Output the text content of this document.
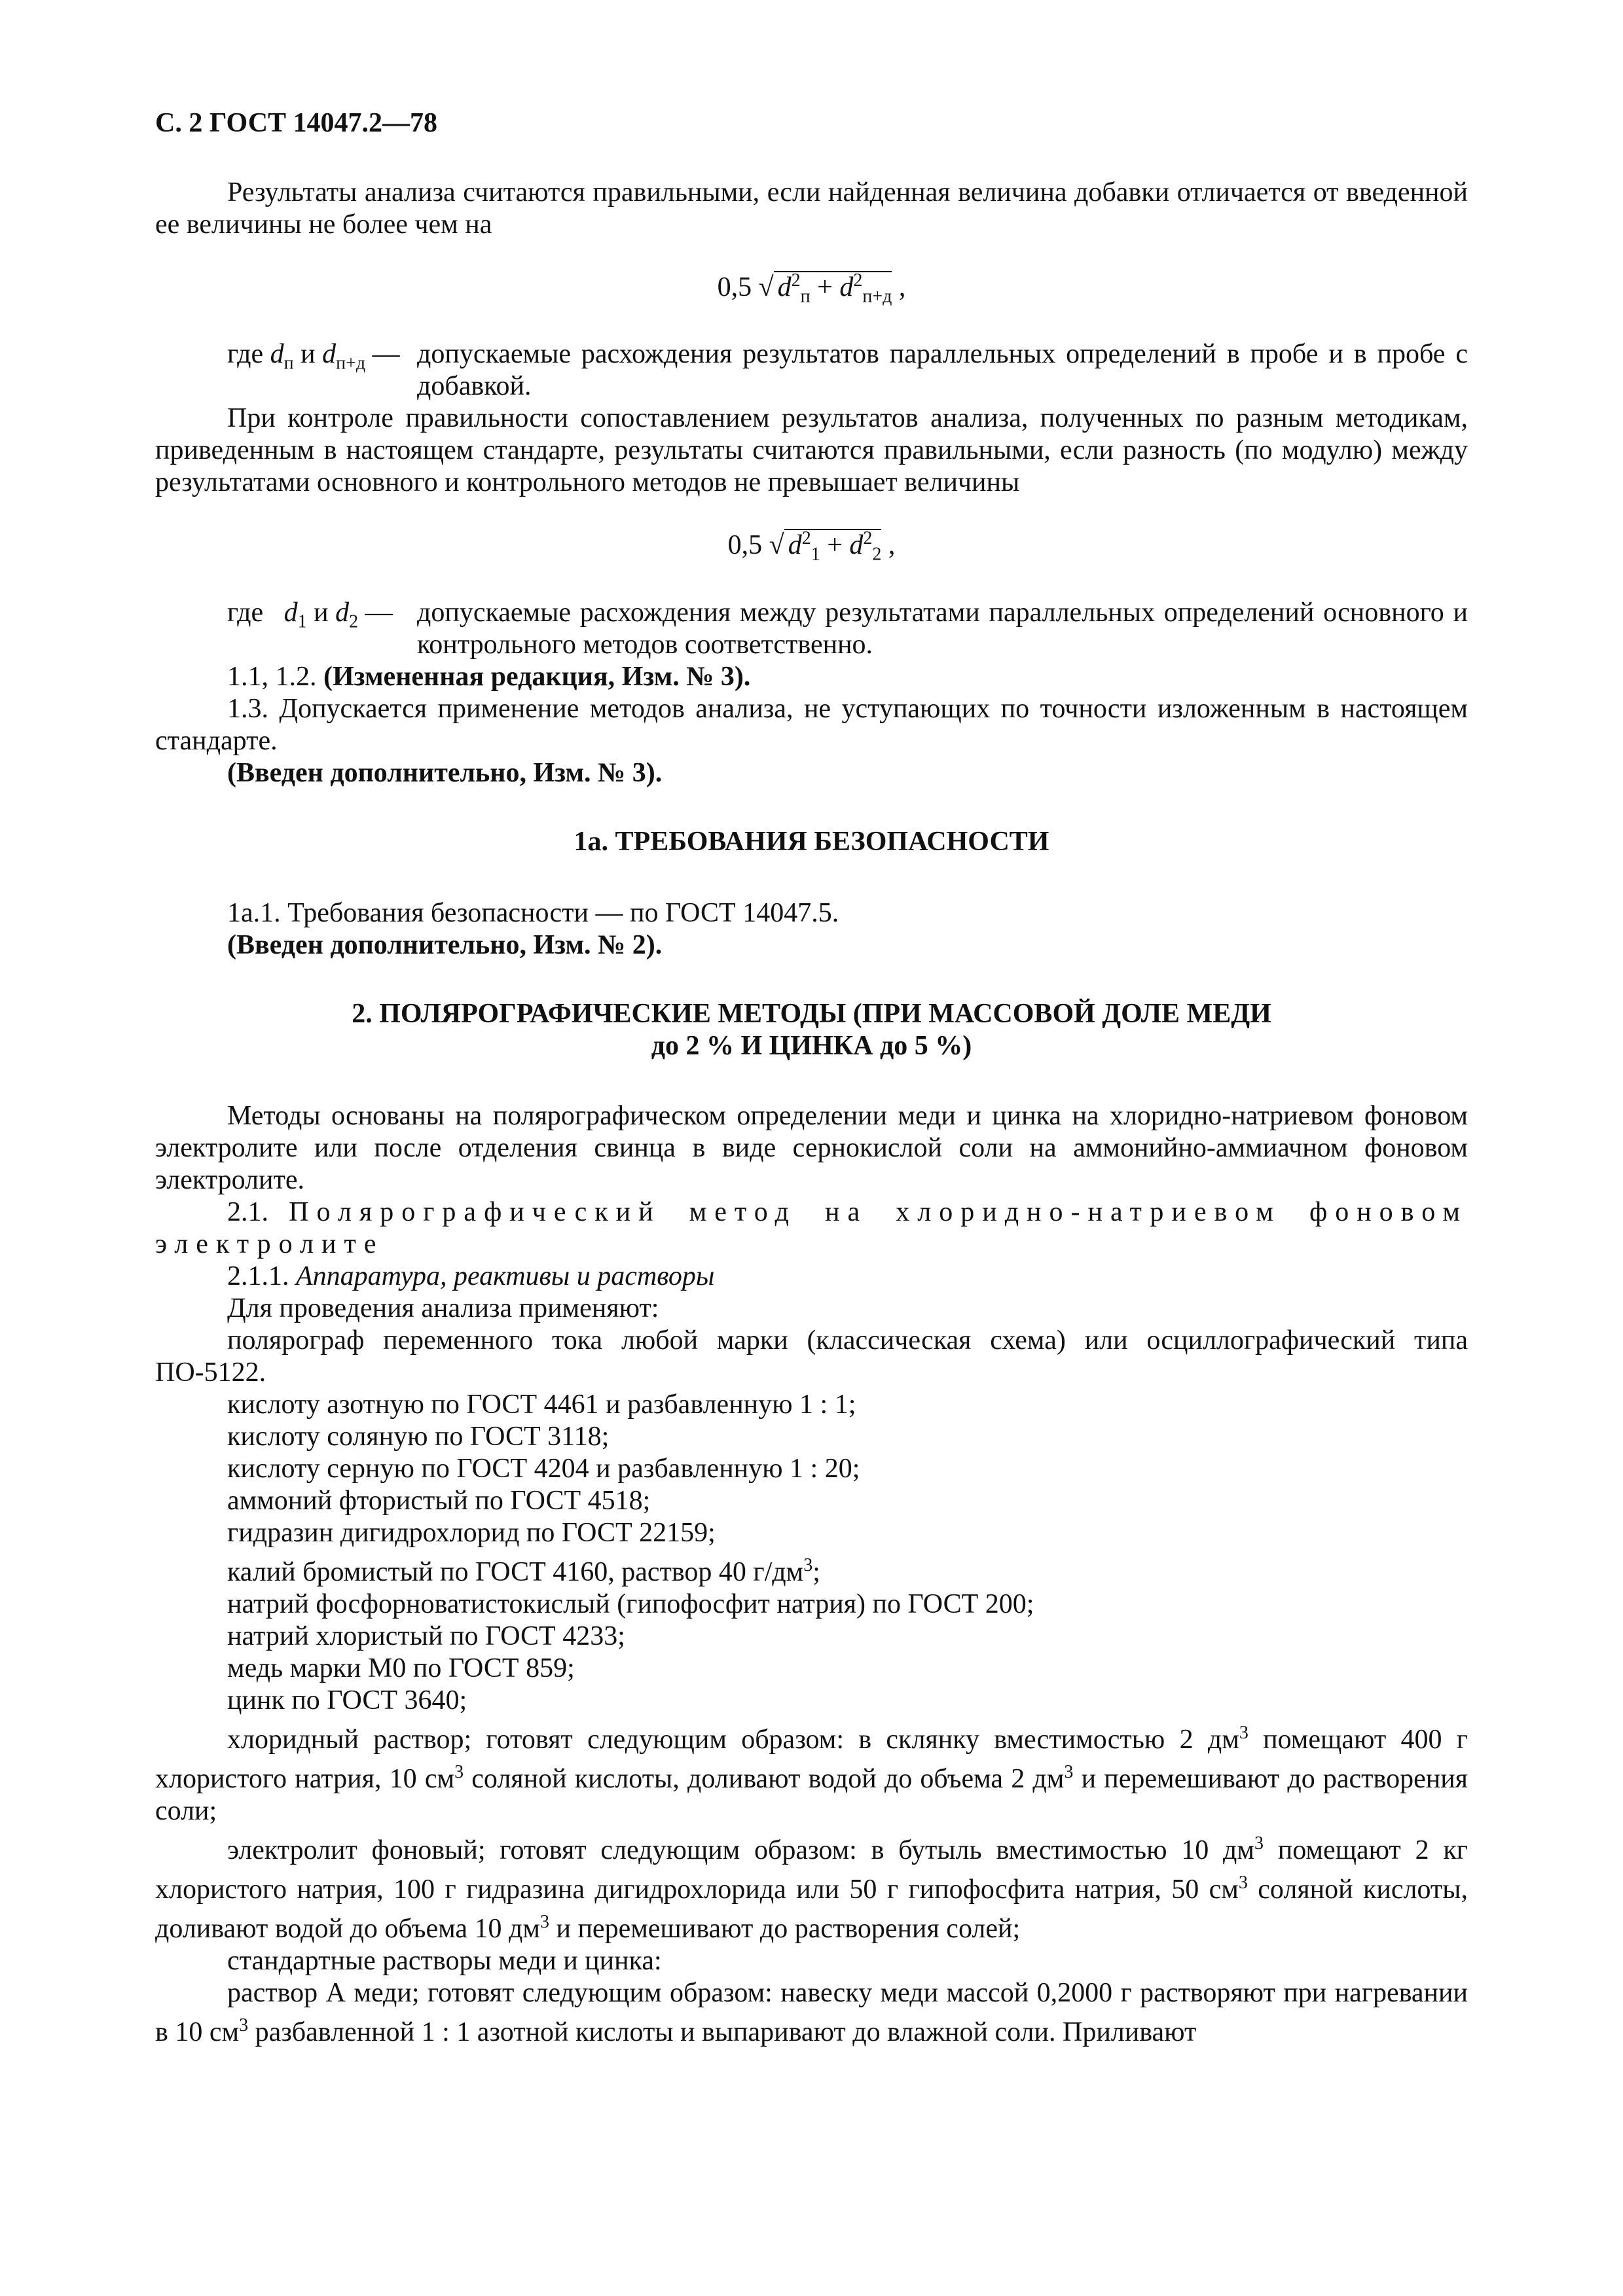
С. 2 ГОСТ 14047.2—78

Результаты анализа считаются правильными, если найденная величина добавки отличается от введенной ее величины не более чем на

0,5 √ $d^2_п + d^2_{п+д}$ ,

где $d_п$ и $d_{п+д}$ — допускаемые расхождения результатов параллельных определений в пробе и в пробе с добавкой.

При контроле правильности сопоставлением результатов анализа, полученных по разным методикам, приведенным в настоящем стандарте, результаты считаются правильными, если разность (по модулю) между результатами основного и контрольного методов не превышает величины

0,5 √ $d^2_1 + d^2_2$ ,

где $d_1$ и $d_2$ — допускаемые расхождения между результатами параллельных определений основного и контрольного методов соответственно.

1.1, 1.2. (Измененная редакция, Изм. № 3).

1.3. Допускается применение методов анализа, не уступающих по точности изложенным в настоящем стандарте.

(Введен дополнительно, Изм. № 3).

1а. ТРЕБОВАНИЯ БЕЗОПАСНОСТИ

1а.1. Требования безопасности — по ГОСТ 14047.5.

(Введен дополнительно, Изм. № 2).

2. ПОЛЯРОГРАФИЧЕСКИЕ МЕТОДЫ (ПРИ МАССОВОЙ ДОЛЕ МЕДИ

до 2 % И ЦИНКА до 5 %)

Методы основаны на полярографическом определении меди и цинка на хлоридно-натриевом фоновом электролите или после отделения свинца в виде сернокислой соли на аммонийно-аммиачном фоновом электролите.

2.1. Полярографический метод на хлоридно-натриевом фоновом электролите

2.1.1. Аппаратура, реактивы и растворы

Для проведения анализа применяют:

полярограф переменного тока любой марки (классическая схема) или осциллографический типа ПО-5122.

кислоту азотную по ГОСТ 4461 и разбавленную 1 : 1;

кислоту соляную по ГОСТ 3118;

кислоту серную по ГОСТ 4204 и разбавленную 1 : 20;

аммоний фтористый по ГОСТ 4518;

гидразин дигидрохлорид по ГОСТ 22159;

калий бромистый по ГОСТ 4160, раствор 40 $г/дм^3$;

натрий фосфорноватистокислый (гипофосфит натрия) по ГОСТ 200;

натрий хлористый по ГОСТ 4233;

медь марки М0 по ГОСТ 859;

цинк по ГОСТ 3640;

хлоридный раствор; готовят следующим образом: в склянку вместимостью 2 $дм^3$ помещают 400 г хлористого натрия, 10 $см^3$ соляной кислоты, доливают водой до объема 2 $дм^3$ и перемешивают до растворения соли;

электролит фоновый; готовят следующим образом: в бутыль вместимостью 10 $дм^3$ помещают 2 кг хлористого натрия, 100 г гидразина дигидрохлорида или 50 г гипофосфита натрия, 50 $см^3$ соляной кислоты, доливают водой до объема 10 $дм^3$ и перемешивают до растворения солей;

стандартные растворы меди и цинка:

раствор А меди; готовят следующим образом: навеску меди массой 0,2000 г растворяют при нагревании в 10 $см^3$ разбавленной 1 : 1 азотной кислоты и выпаривают до влажной соли. Приливают
